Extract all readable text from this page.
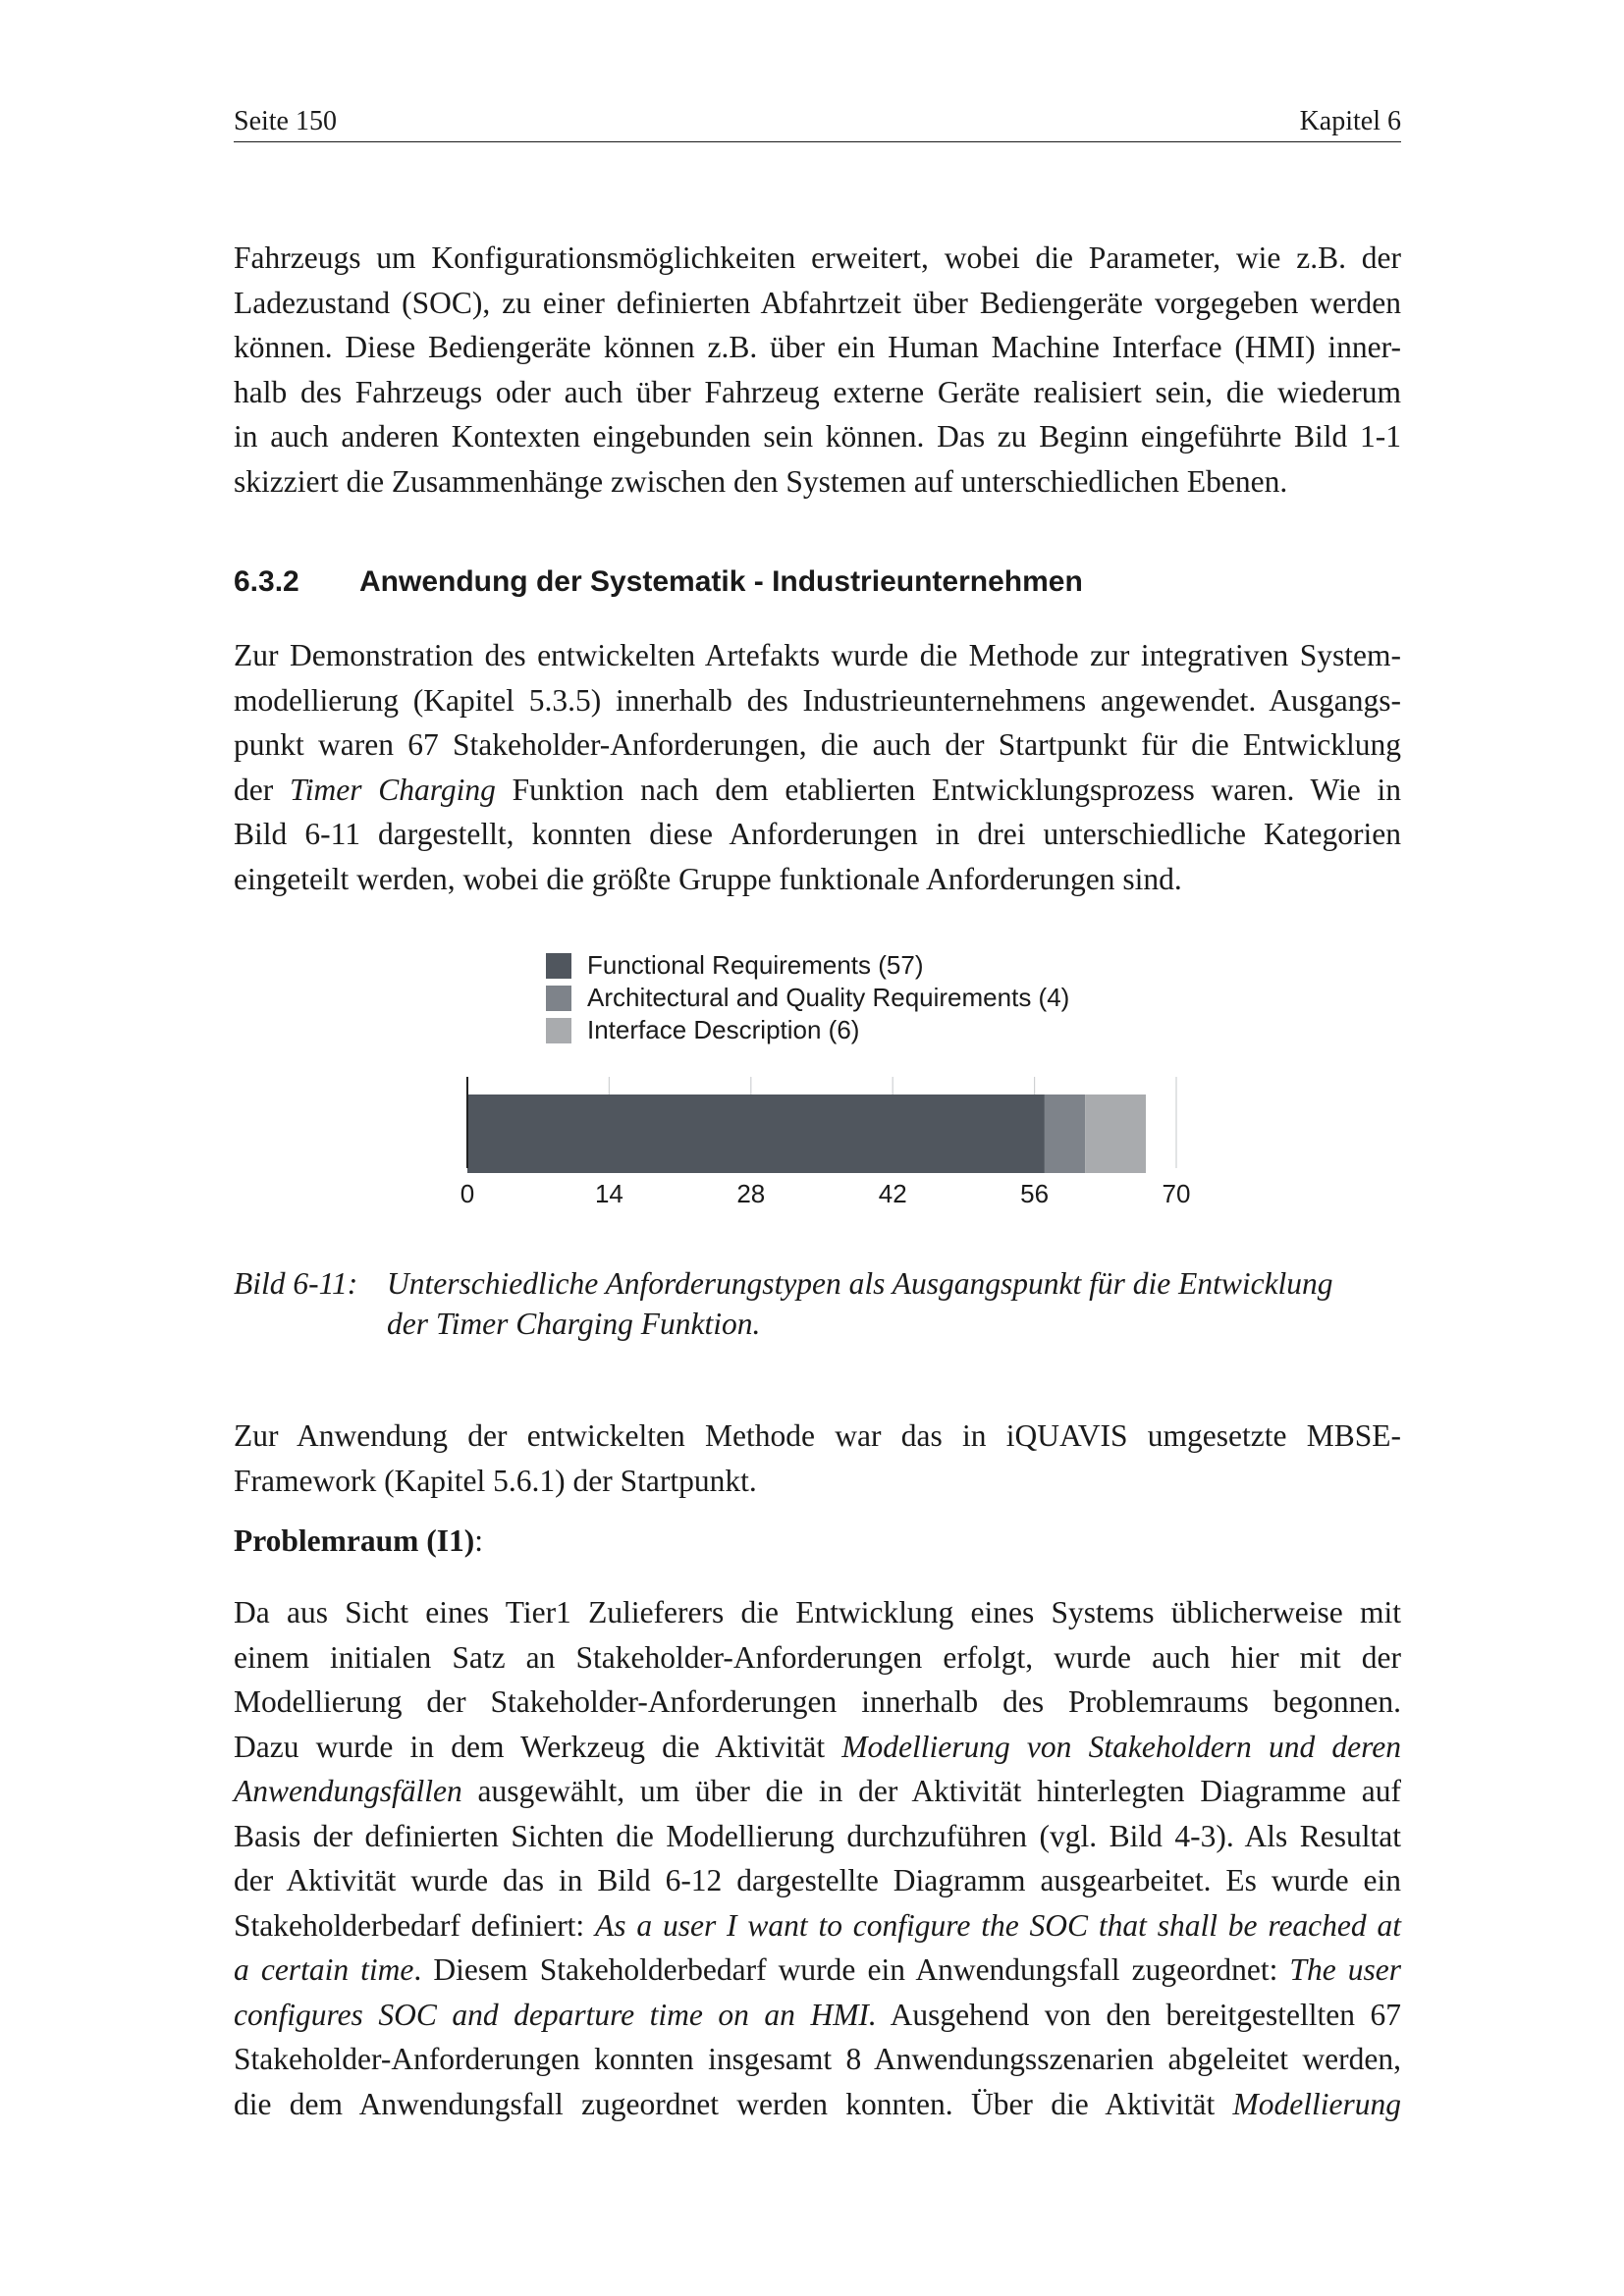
Seite 150	Kapitel 6
Fahrzeugs um Konfigurationsmöglichkeiten erweitert, wobei die Parameter, wie z.B. der
Ladezustand (SOC), zu einer definierten Abfahrtzeit über Bediengeräte vorgegeben werden
können. Diese Bediengeräte können z.B. über ein Human Machine Interface (HMI) inner-
halb des Fahrzeugs oder auch über Fahrzeug externe Geräte realisiert sein, die wiederum
in auch anderen Kontexten eingebunden sein können. Das zu Beginn eingeführte Bild 1-1
skizziert die Zusammenhänge zwischen den Systemen auf unterschiedlichen Ebenen.
6.3.2	Anwendung der Systematik - Industrieunternehmen
Zur Demonstration des entwickelten Artefakts wurde die Methode zur integrativen System-
modellierung (Kapitel 5.3.5) innerhalb des Industrieunternehmens angewendet. Ausgangs-
punkt waren 67 Stakeholder-Anforderungen, die auch der Startpunkt für die Entwicklung
der Timer Charging Funktion nach dem etablierten Entwicklungsprozess waren. Wie in
Bild 6-11 dargestellt, konnten diese Anforderungen in drei unterschiedliche Kategorien
eingeteilt werden, wobei die größte Gruppe funktionale Anforderungen sind.
Functional Requirements (57)
Architectural and Quality Requirements (4)
Interface Description (6)
0	14	28	42	56	70
Bild 6-11: Unterschiedliche Anforderungstypen als Ausgangspunkt für die Entwicklung
der Timer Charging Funktion.
Zur Anwendung der entwickelten Methode war das in iQUAVIS umgesetzte MBSE-
Framework (Kapitel 5.6.1) der Startpunkt.
Problemraum (I1):
Da aus Sicht eines Tier1 Zulieferers die Entwicklung eines Systems üblicherweise mit
einem initialen Satz an Stakeholder-Anforderungen erfolgt, wurde auch hier mit der
Modellierung der Stakeholder-Anforderungen innerhalb des Problemraums begonnen.
Dazu wurde in dem Werkzeug die Aktivität Modellierung von Stakeholdern und deren
Anwendungsfällen ausgewählt, um über die in der Aktivität hinterlegten Diagramme auf
Basis der definierten Sichten die Modellierung durchzuführen (vgl. Bild 4-3). Als Resultat
der Aktivität wurde das in Bild 6-12 dargestellte Diagramm ausgearbeitet. Es wurde ein
Stakeholderbedarf definiert: As a user I want to configure the SOC that shall be reached at
a certain time. Diesem Stakeholderbedarf wurde ein Anwendungsfall zugeordnet: The user
configures SOC and departure time on an HMI. Ausgehend von den bereitgestellten 67
Stakeholder-Anforderungen konnten insgesamt 8 Anwendungsszenarien abgeleitet werden,
die dem Anwendungsfall zugeordnet werden konnten. Über die Aktivität Modellierung
